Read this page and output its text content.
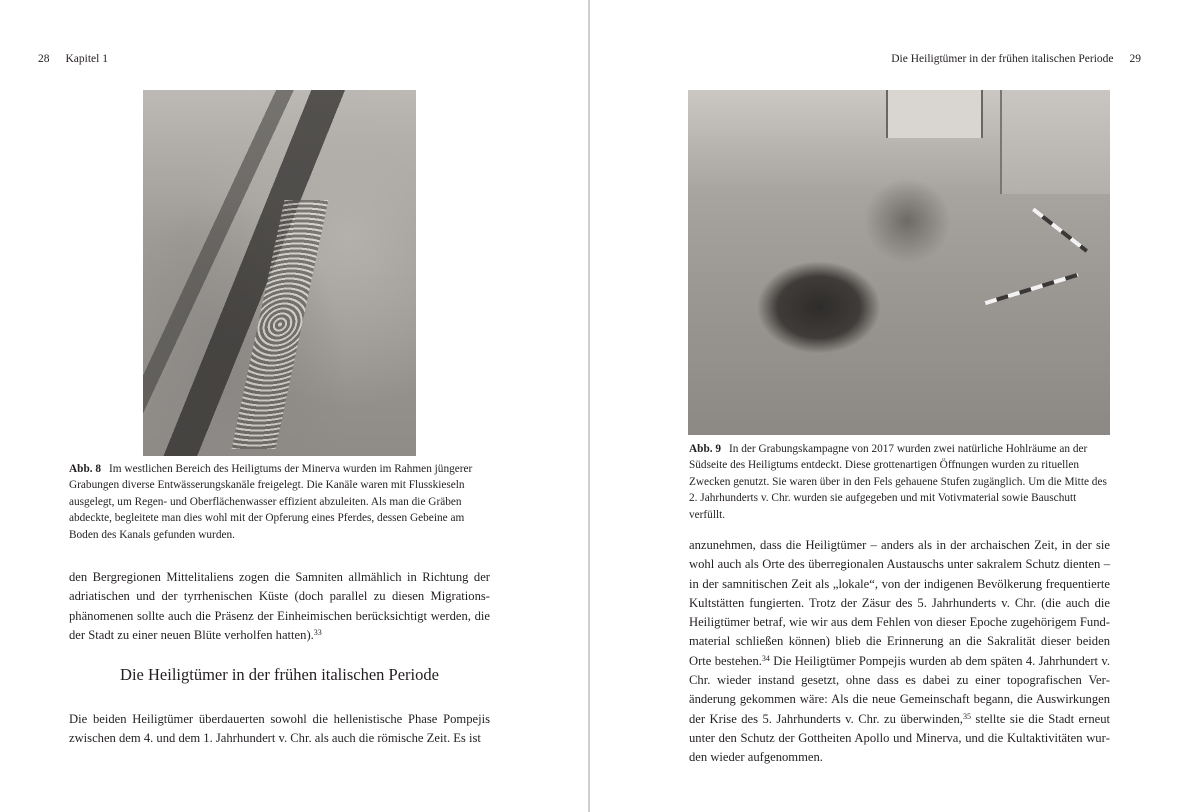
28 Kapitel 1

Abb. 8 Im westlichen Bereich des Heiligtums der Minerva wurden im Rahmen jüngerer Grabungen diverse Entwässerungskanäle freigelegt. Die Kanäle waren mit Flusskieseln ausgelegt, um Regen- und Oberflächenwasser effizient abzuleiten. Als man die Gräben abdeckte, begleitete man dies wohl mit der Opferung eines Pferdes, dessen Gebeine am Boden des Kanals gefunden wurden.

den Bergregionen Mittelitaliens zogen die Samniten allmählich in Richtung der adriatischen und der tyrrhenischen Küste (doch parallel zu diesen Migrationsphänomenen sollte auch die Präsenz der Einheimischen berücksichtigt werden, die der Stadt zu einer neuen Blüte verholfen hatten).$^{33}$

Die Heiligtümer in der frühen italischen Periode

Die beiden Heiligtümer überdauerten sowohl die hellenistische Phase Pompejis zwischen dem 4. und dem 1. Jahrhundert v. Chr. als auch die römische Zeit. Es ist

Die Heiligtümer in der frühen italischen Periode 29

Abb. 9 In der Grabungskampagne von 2017 wurden zwei natürliche Hohlräume an der Südseite des Heiligtums entdeckt. Diese grottenartigen Öffnungen wurden zu rituellen Zwecken genutzt. Sie waren über in den Fels gehauene Stufen zugänglich. Um die Mitte des 2. Jahrhunderts v. Chr. wurden sie aufgegeben und mit Votivmaterial sowie Bauschutt verfüllt.

anzunehmen, dass die Heiligtümer – anders als in der archaischen Zeit, in der sie wohl auch als Orte des überregionalen Austauschs unter sakralem Schutz dienten – in der samnitischen Zeit als „lokale“, von der indigenen Bevölkerung frequentierte Kultstätten fungierten. Trotz der Zäsur des 5. Jahrhunderts v. Chr. (die auch die Heiligtümer betraf, wie wir aus dem Fehlen von dieser Epoche zugehörigem Fundmaterial schließen können) blieb die Erinnerung an die Sakralität dieser beiden Orte bestehen.$^{34}$ Die Heiligtümer Pompejis wurden ab dem späten 4. Jahrhundert v. Chr. wieder instand gesetzt, ohne dass es dabei zu einer topografischen Veränderung gekommen wäre: Als die neue Gemeinschaft begann, die Auswirkungen der Krise des 5. Jahrhunderts v. Chr. zu überwinden,$^{35}$ stellte sie die Stadt erneut unter den Schutz der Gottheiten Apollo und Minerva, und die Kultaktivitäten wurden wieder aufgenommen.
